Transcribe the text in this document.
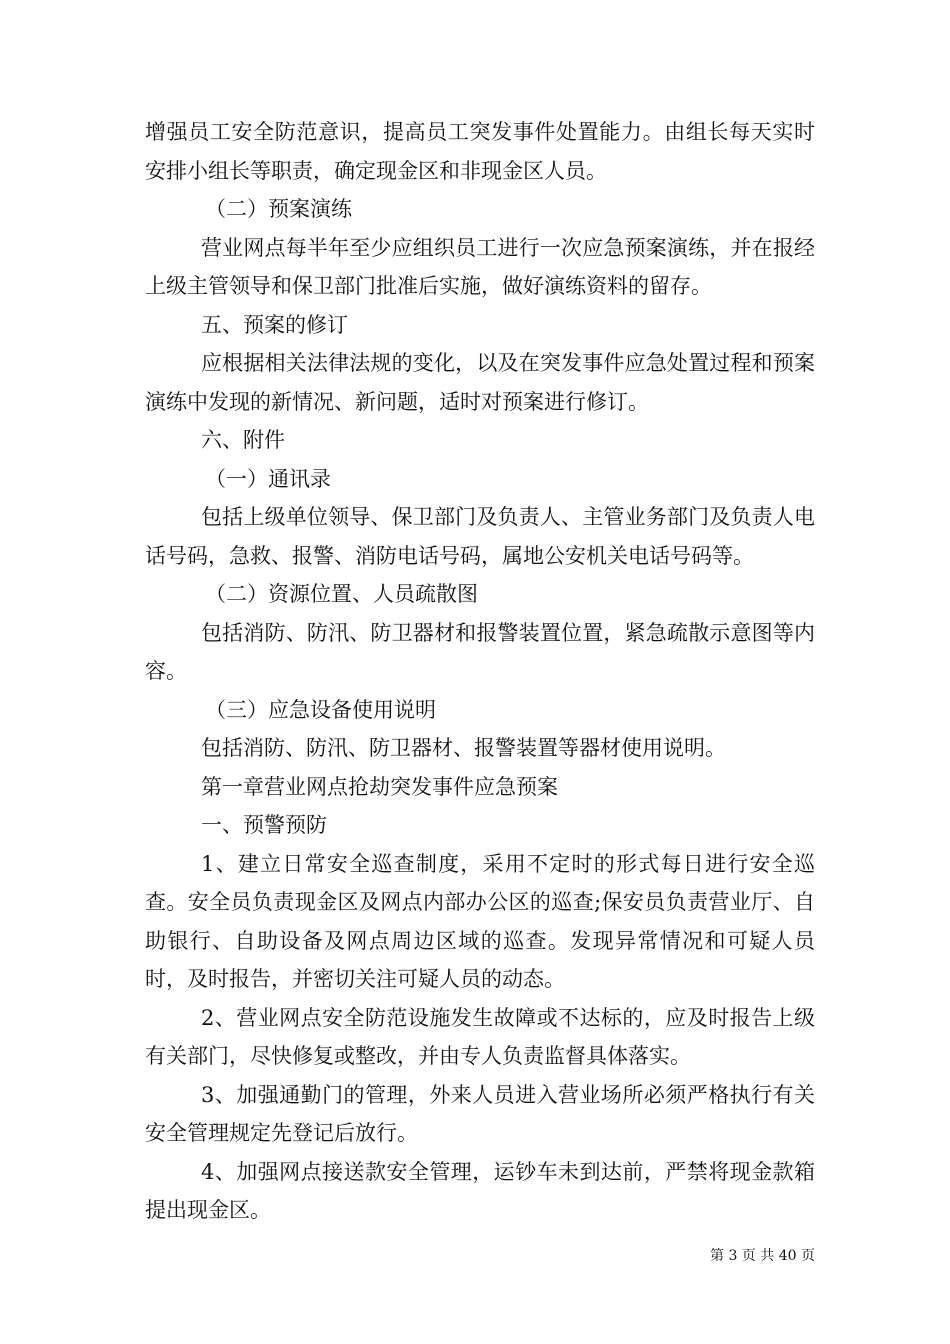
增强员工安全防范意识，提高员工突发事件处置能力。由组长每天实时安排小组长等职责，确定现金区和非现金区人员。

（二）预案演练

营业网点每半年至少应组织员工进行一次应急预案演练，并在报经上级主管领导和保卫部门批准后实施，做好演练资料的留存。

五、预案的修订

应根据相关法律法规的变化，以及在突发事件应急处置过程和预案演练中发现的新情况、新问题，适时对预案进行修订。

六、附件

（一）通讯录

包括上级单位领导、保卫部门及负责人、主管业务部门及负责人电话号码，急救、报警、消防电话号码，属地公安机关电话号码等。

（二）资源位置、人员疏散图

包括消防、防汛、防卫器材和报警装置位置，紧急疏散示意图等内容。

（三）应急设备使用说明

包括消防、防汛、防卫器材、报警装置等器材使用说明。

第一章营业网点抢劫突发事件应急预案

一、预警预防

1、建立日常安全巡查制度，采用不定时的形式每日进行安全巡查。安全员负责现金区及网点内部办公区的巡查;保安员负责营业厅、自助银行、自助设备及网点周边区域的巡查。发现异常情况和可疑人员时，及时报告，并密切关注可疑人员的动态。

2、营业网点安全防范设施发生故障或不达标的，应及时报告上级有关部门，尽快修复或整改，并由专人负责监督具体落实。

3、加强通勤门的管理，外来人员进入营业场所必须严格执行有关安全管理规定先登记后放行。

4、加强网点接送款安全管理，运钞车未到达前，严禁将现金款箱提出现金区。

第 3 页 共 40 页
